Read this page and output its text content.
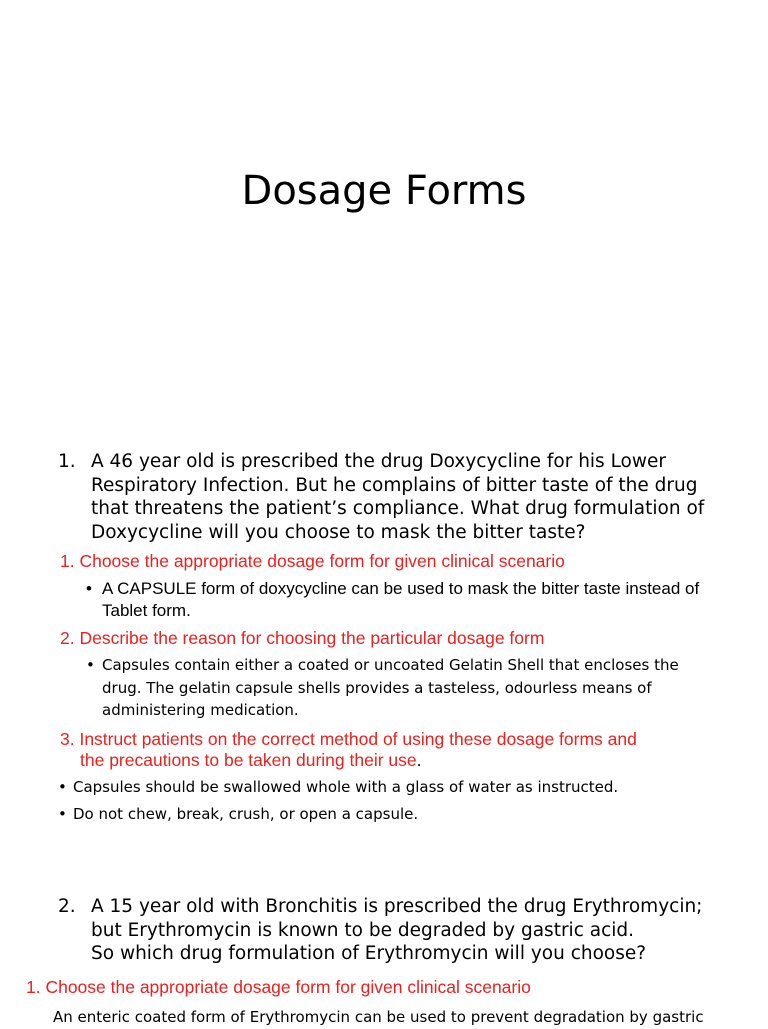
Dosage Forms
1. A 46 year old is prescribed the drug Doxycycline for his Lower Respiratory Infection. But he complains of bitter taste of the drug that threatens the patient’s compliance. What drug formulation of Doxycycline will you choose to mask the bitter taste?
1. Choose the appropriate dosage form for given clinical scenario
• A CAPSULE form of doxycycline can be used to mask the bitter taste instead of Tablet form.
2. Describe the reason for choosing the particular dosage form
• Capsules contain either a coated or uncoated Gelatin Shell that encloses the drug. The gelatin capsule shells provides a tasteless, odourless means of administering medication.
3. Instruct patients on the correct method of using these dosage forms and
the precautions to be taken during their use.
• Capsules should be swallowed whole with a glass of water as instructed.
• Do not chew, break, crush, or open a capsule.
2. A 15 year old with Bronchitis is prescribed the drug Erythromycin;
but Erythromycin is known to be degraded by gastric acid.
So which drug formulation of Erythromycin will you choose?
1. Choose the appropriate dosage form for given clinical scenario
An enteric coated form of Erythromycin can be used to prevent degradation by gastric
